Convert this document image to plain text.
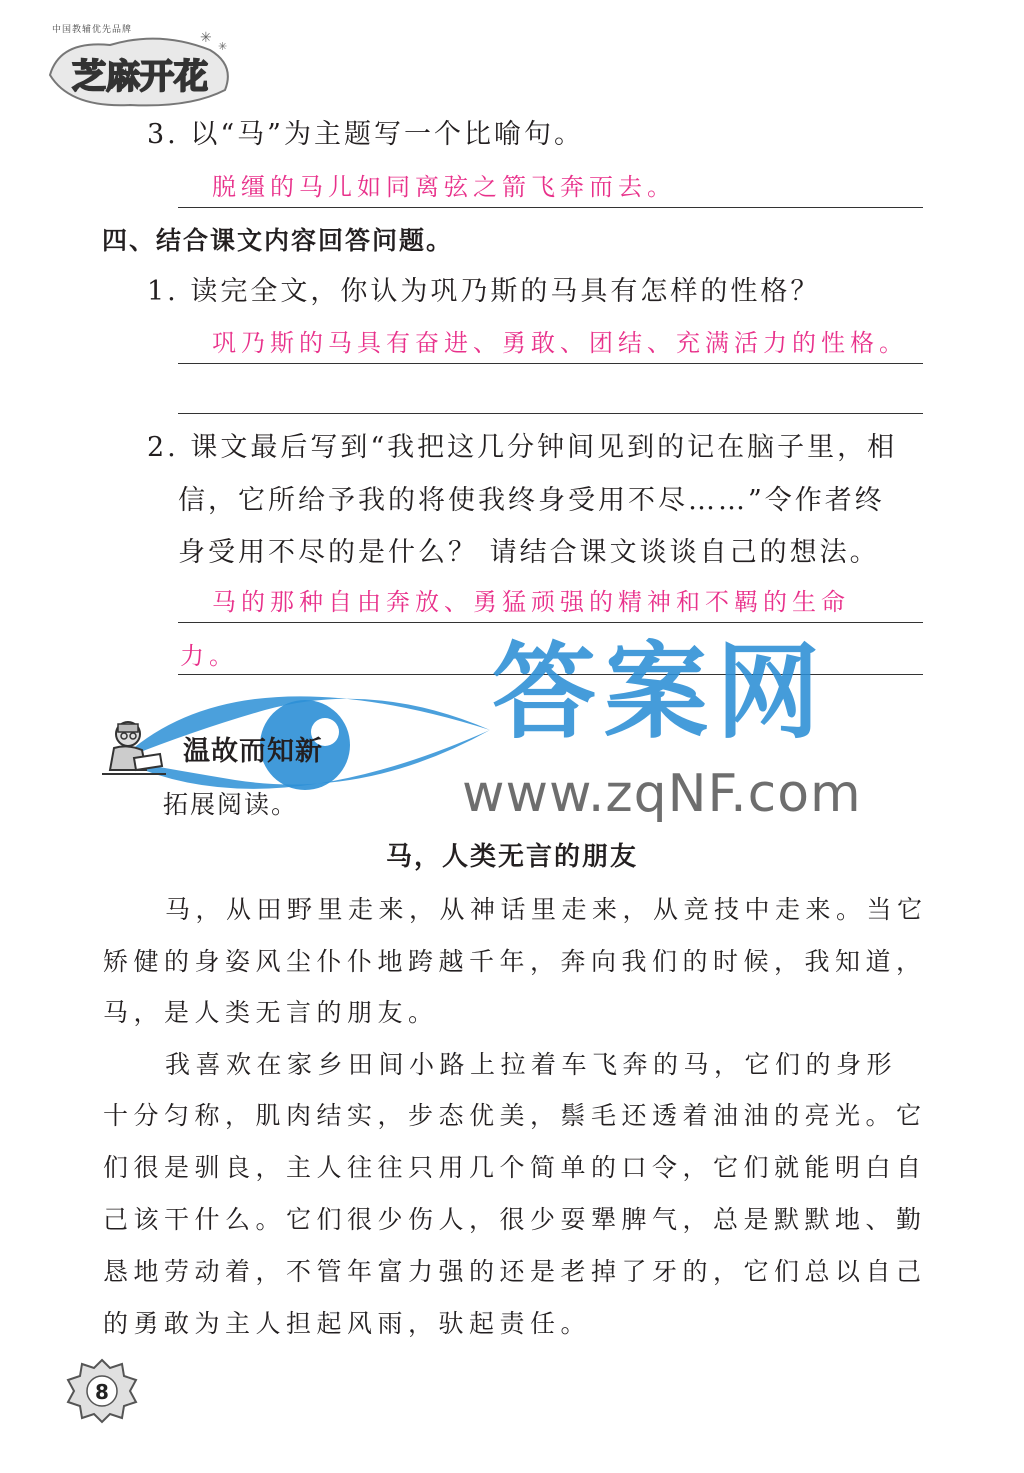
中国教辅优先品牌
芝麻开花
✳
✳
3. 以“马”为主题写一个比喻句。
脱缰的马儿如同离弦之箭飞奔而去。
四、结合课文内容回答问题。
1. 读完全文，你认为巩乃斯的马具有怎样的性格？
巩乃斯的马具有奋进、勇敢、团结、充满活力的性格。
2. 课文最后写到“我把这几分钟间见到的记在脑子里，相
信，它所给予我的将使我终身受用不尽……”令作者终
身受用不尽的是什么？ 请结合课文谈谈自己的想法。
马的那种自由奔放、勇猛顽强的精神和不羁的生命
力。 答案网
www.zqNF.com
温故而知新
拓展阅读。
马，人类无言的朋友
马，从田野里走来，从神话里走来，从竞技中走来。当它
矫健的身姿风尘仆仆地跨越千年，奔向我们的时候，我知道，
马，是人类无言的朋友。
我喜欢在家乡田间小路上拉着车飞奔的马，它们的身形
十分匀称，肌肉结实，步态优美，鬃毛还透着油油的亮光。它
们很是驯良，主人往往只用几个简单的口令，它们就能明白自
己该干什么。它们很少伤人，很少耍犟脾气，总是默默地、勤
恳地劳动着，不管年富力强的还是老掉了牙的，它们总以自己
的勇敢为主人担起风雨，驮起责任。
8
